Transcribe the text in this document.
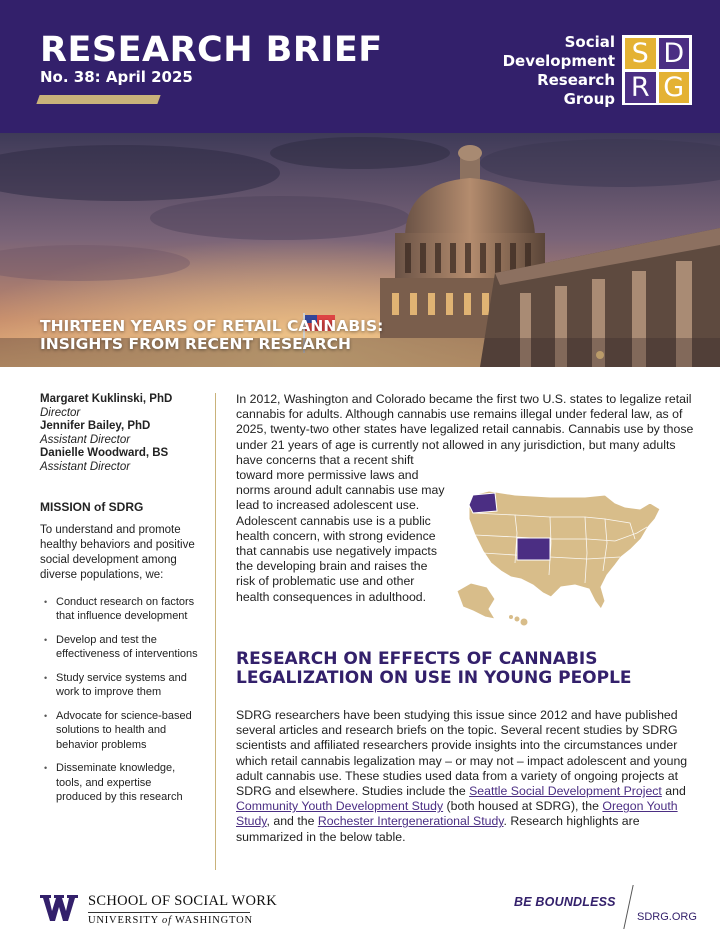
RESEARCH BRIEF
No. 38: April 2025
Social
Development
Research
Group
S D
R G
THIRTEEN YEARS OF RETAIL CANNABIS:
INSIGHTS FROM RECENT RESEARCH

Margaret Kuklinski, PhD

Director

Jennifer Bailey, PhD

Assistant Director

Danielle Woodward, BS

Assistant Director

MISSION of SDRG
To understand and promote healthy behaviors and positive social development among diverse populations, we:
• Conduct research on factors that influence development
• Develop and test the effectiveness of interventions
• Study service systems and work to improve them
• Advocate for science-based solutions to health and behavior problems
• Disseminate knowledge, tools, and expertise produced by this research

In 2012, Washington and Colorado became the first two U.S. states to legalize retail cannabis for adults. Although cannabis use remains illegal under federal law, as of 2025, twenty-two other states have legalized retail cannabis. Cannabis use by those under 21 years of age is currently not allowed in any jurisdiction, but many adults have concerns that a recent shift

toward more permissive laws and norms around adult cannabis use may lead to increased adolescent use. Adolescent cannabis use is a public health concern, with strong evidence that cannabis use negatively impacts the developing brain and raises the risk of problematic use and other health consequences in adulthood.

RESEARCH ON EFFECTS OF CANNABIS
LEGALIZATION ON USE IN YOUNG PEOPLE

SDRG researchers have been studying this issue since 2012 and have published several articles and research briefs on the topic. Several recent studies by SDRG scientists and affiliated researchers provide insights into the circumstances under which retail cannabis legalization may – or may not – impact adolescent and young adult cannabis use. These studies used data from a variety of ongoing projects at SDRG and elsewhere. Studies include the Seattle Social Development Project and Community Youth Development Study (both housed at SDRG), the Oregon Youth Study, and the Rochester Intergenerational Study. Research highlights are summarized in the below table.

SCHOOL OF SOCIAL WORK
UNIVERSITY of WASHINGTON
BE BOUNDLESS
SDRG.ORG
